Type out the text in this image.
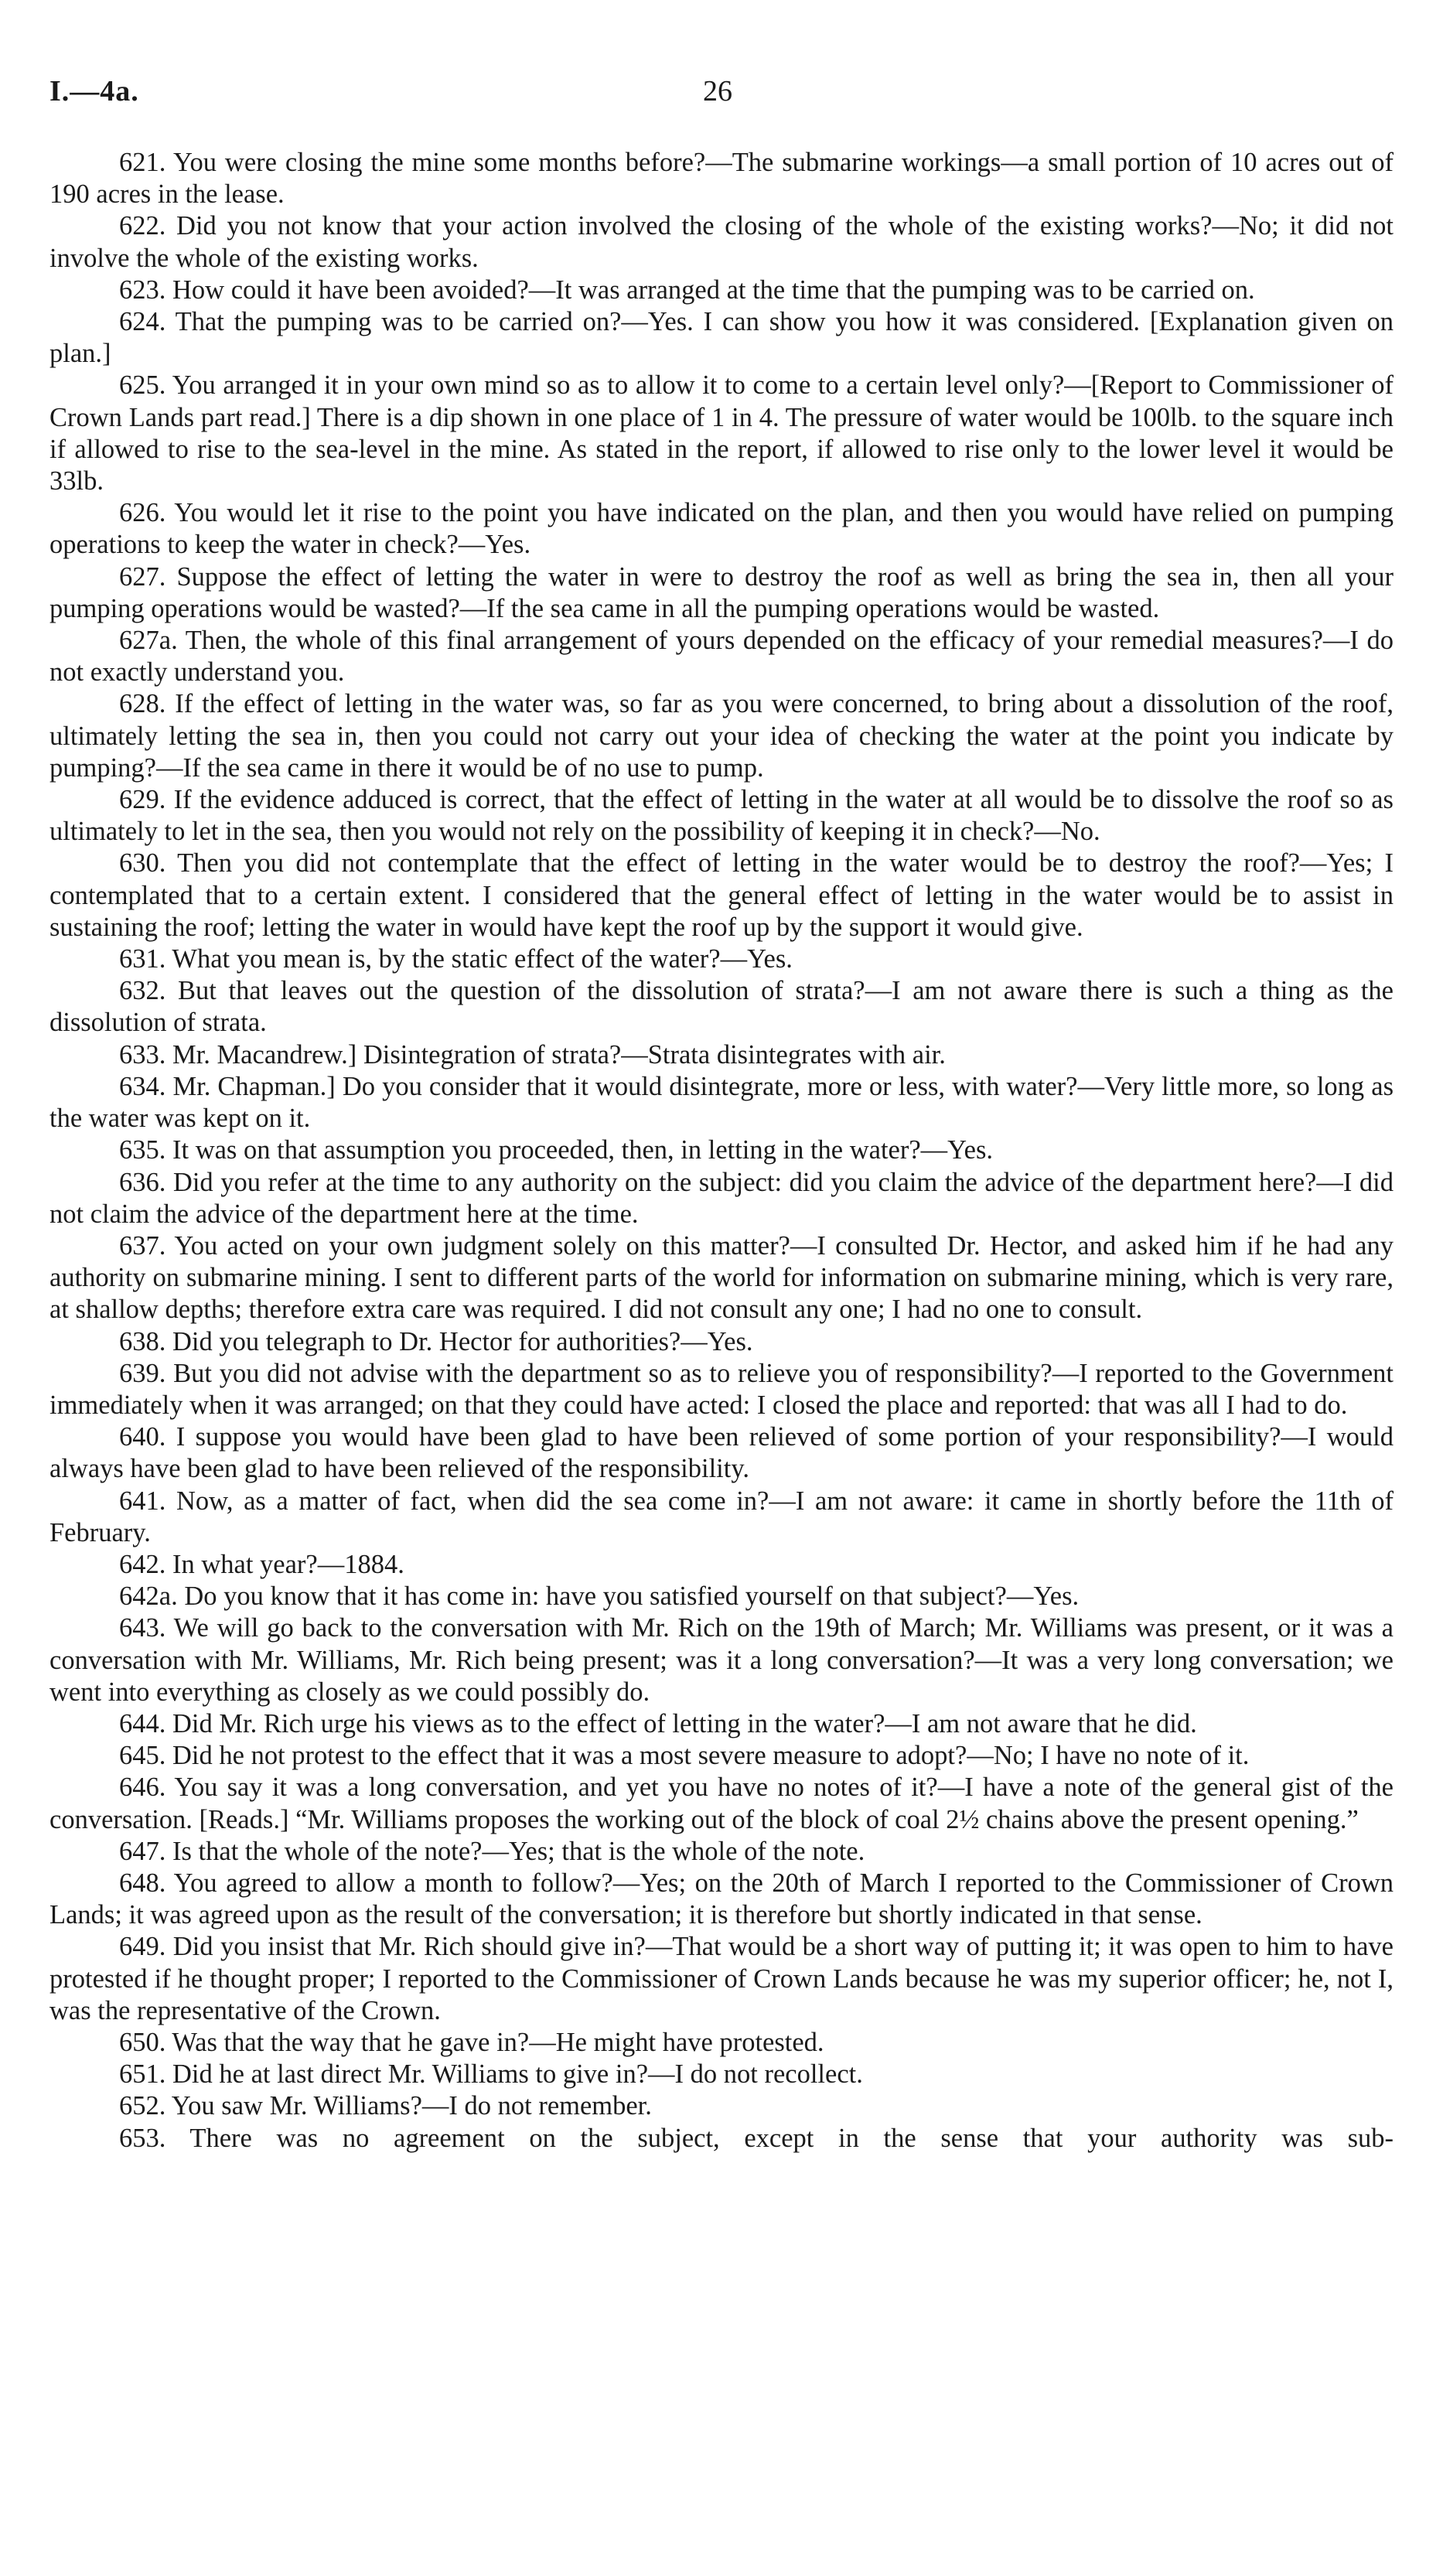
I.—4a.	26

621. You were closing the mine some months before?—The submarine workings—a small portion of 10 acres out of 190 acres in the lease.

622. Did you not know that your action involved the closing of the whole of the existing works?—No; it did not involve the whole of the existing works.

623. How could it have been avoided?—It was arranged at the time that the pumping was to be carried on.

624. That the pumping was to be carried on?—Yes. I can show you how it was considered. [Explanation given on plan.]

625. You arranged it in your own mind so as to allow it to come to a certain level only?—[Report to Commissioner of Crown Lands part read.] There is a dip shown in one place of 1 in 4. The pressure of water would be 100lb. to the square inch if allowed to rise to the sea-level in the mine. As stated in the report, if allowed to rise only to the lower level it would be 33lb.

626. You would let it rise to the point you have indicated on the plan, and then you would have relied on pumping operations to keep the water in check?—Yes.

627. Suppose the effect of letting the water in were to destroy the roof as well as bring the sea in, then all your pumping operations would be wasted?—If the sea came in all the pumping operations would be wasted.

627a. Then, the whole of this final arrangement of yours depended on the efficacy of your remedial measures?—I do not exactly understand you.

628. If the effect of letting in the water was, so far as you were concerned, to bring about a dissolution of the roof, ultimately letting the sea in, then you could not carry out your idea of checking the water at the point you indicate by pumping?—If the sea came in there it would be of no use to pump.

629. If the evidence adduced is correct, that the effect of letting in the water at all would be to dissolve the roof so as ultimately to let in the sea, then you would not rely on the possibility of keeping it in check?—No.

630. Then you did not contemplate that the effect of letting in the water would be to destroy the roof?—Yes; I contemplated that to a certain extent. I considered that the general effect of letting in the water would be to assist in sustaining the roof; letting the water in would have kept the roof up by the support it would give.

631. What you mean is, by the static effect of the water?—Yes.

632. But that leaves out the question of the dissolution of strata?—I am not aware there is such a thing as the dissolution of strata.

633. Mr. Macandrew.] Disintegration of strata?—Strata disintegrates with air.

634. Mr. Chapman.] Do you consider that it would disintegrate, more or less, with water?—Very little more, so long as the water was kept on it.

635. It was on that assumption you proceeded, then, in letting in the water?—Yes.

636. Did you refer at the time to any authority on the subject: did you claim the advice of the department here?—I did not claim the advice of the department here at the time.

637. You acted on your own judgment solely on this matter?—I consulted Dr. Hector, and asked him if he had any authority on submarine mining. I sent to different parts of the world for information on submarine mining, which is very rare, at shallow depths; therefore extra care was required. I did not consult any one; I had no one to consult.

638. Did you telegraph to Dr. Hector for authorities?—Yes.

639. But you did not advise with the department so as to relieve you of responsibility?—I reported to the Government immediately when it was arranged; on that they could have acted: I closed the place and reported: that was all I had to do.

640. I suppose you would have been glad to have been relieved of some portion of your responsibility?—I would always have been glad to have been relieved of the responsibility.

641. Now, as a matter of fact, when did the sea come in?—I am not aware: it came in shortly before the 11th of February.

642. In what year?—1884.

642a. Do you know that it has come in: have you satisfied yourself on that subject?—Yes.

643. We will go back to the conversation with Mr. Rich on the 19th of March; Mr. Williams was present, or it was a conversation with Mr. Williams, Mr. Rich being present; was it a long conversation?—It was a very long conversation; we went into everything as closely as we could possibly do.

644. Did Mr. Rich urge his views as to the effect of letting in the water?—I am not aware that he did.

645. Did he not protest to the effect that it was a most severe measure to adopt?—No; I have no note of it.

646. You say it was a long conversation, and yet you have no notes of it?—I have a note of the general gist of the conversation. [Reads.] “Mr. Williams proposes the working out of the block of coal 2½ chains above the present opening.”

647. Is that the whole of the note?—Yes; that is the whole of the note.

648. You agreed to allow a month to follow?—Yes; on the 20th of March I reported to the Commissioner of Crown Lands; it was agreed upon as the result of the conversation; it is therefore but shortly indicated in that sense.

649. Did you insist that Mr. Rich should give in?—That would be a short way of putting it; it was open to him to have protested if he thought proper; I reported to the Commissioner of Crown Lands because he was my superior officer; he, not I, was the representative of the Crown.

650. Was that the way that he gave in?—He might have protested.

651. Did he at last direct Mr. Williams to give in?—I do not recollect.

652. You saw Mr. Williams?—I do not remember.

653. There was no agreement on the subject, except in the sense that your authority was sub-
